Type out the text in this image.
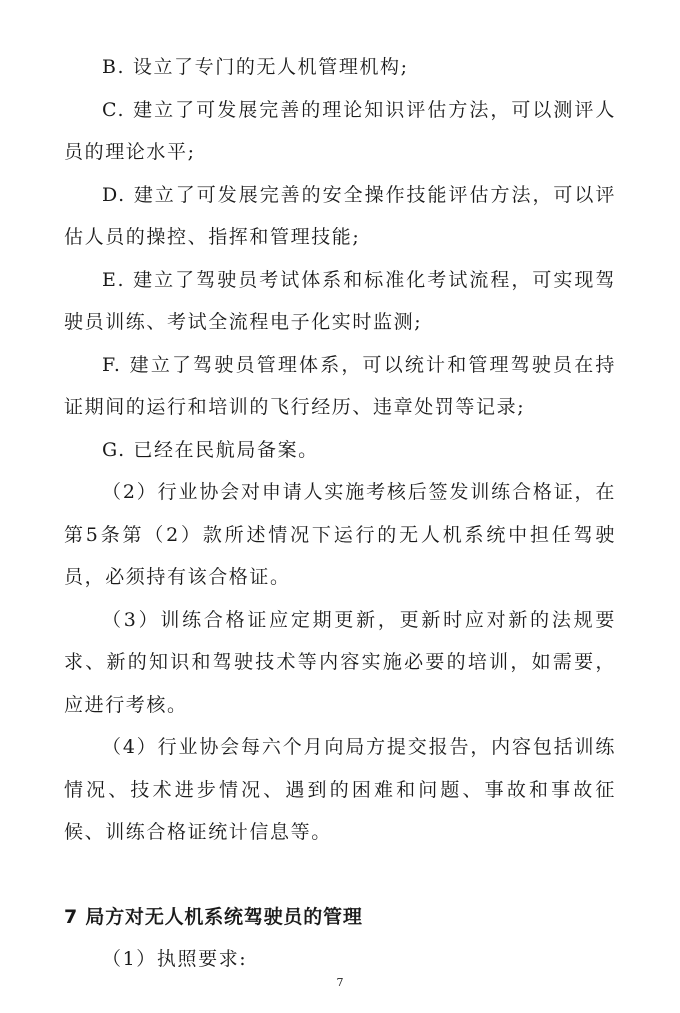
B. 设立了专门的无人机管理机构;

C. 建立了可发展完善的理论知识评估方法，可以测评人员的理论水平;

D. 建立了可发展完善的安全操作技能评估方法，可以评估人员的操控、指挥和管理技能;

E. 建立了驾驶员考试体系和标准化考试流程，可实现驾驶员训练、考试全流程电子化实时监测;

F. 建立了驾驶员管理体系，可以统计和管理驾驶员在持证期间的运行和培训的飞行经历、违章处罚等记录;

G. 已经在民航局备案。

（2）行业协会对申请人实施考核后签发训练合格证，在第5条第（2）款所述情况下运行的无人机系统中担任驾驶员，必须持有该合格证。

（3）训练合格证应定期更新，更新时应对新的法规要求、新的知识和驾驶技术等内容实施必要的培训，如需要，应进行考核。

（4）行业协会每六个月向局方提交报告，内容包括训练情况、技术进步情况、遇到的困难和问题、事故和事故征候、训练合格证统计信息等。

7 局方对无人机系统驾驶员的管理

（1）执照要求:

7
